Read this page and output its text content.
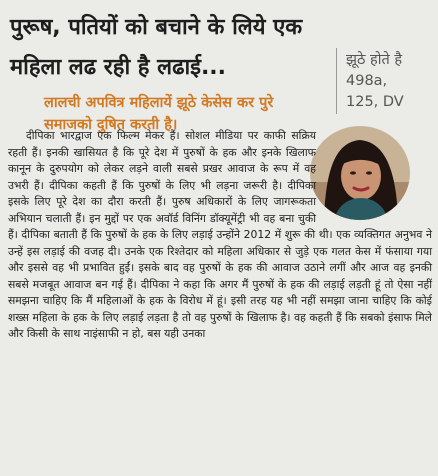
पुरूष, पतियों को बचाने के लिये एक महिला लढ रही है लढाई...	झूठे होते है
498a,
125, DV
लालची अपवित्र महिलायें झूठे केसेस कर पुरे समाजको दुषित करती है।

दीपिका भारद्वाज एक फिल्म मेकर हैं। सोशल मीडिया पर काफी सक्रिय रहती हैं। इनकी खासियत है कि पूरे देश में पुरुषों के हक और इनके खिलाफ कानून के दुरुपयोग को लेकर लड़ने वाली सबसे प्रखर आवाज के रूप में वह उभरी हैं। दीपिका कहती हैं कि पुरुषों के लिए भी लड़ना जरूरी है। दीपिका इसके लिए पूरे देश का दौरा करती हैं। पुरुष अधिकारों के लिए जागरूकता अभियान चलाती हैं। इन मुद्दों पर एक अवॉर्ड विनिंग डॉक्यूमेंट्री भी वह बना चुकी हैं। दीपिका बताती हैं कि पुरुषों के हक के लिए लड़ाई उन्होंने 2012 में शुरू की थी। एक व्यक्तिगत अनुभव ने उन्हें इस लड़ाई की वजह दी। उनके एक रिश्तेदार को महिला अधिकार से जुड़े एक गलत केस में फंसाया गया और इससे वह भी प्रभावित हुईं। इसके बाद वह पुरुषों के हक की आवाज उठाने लगीं और आज वह इनकी सबसे मजबूत आवाज बन गई हैं। दीपिका ने कहा कि अगर मैं पुरुषों के हक की लड़ाई लड़ती हूं तो ऐसा नहीं समझना चाहिए कि मैं महिलाओं के हक के विरोध में हूं। इसी तरह यह भी नहीं समझा जाना चाहिए कि कोई शख्स महिला के हक के लिए लड़ाई लड़ता है तो वह पुरुषों के खिलाफ है। वह कहती हैं कि सबको इंसाफ मिले और किसी के साथ नाइंसाफी न हो, बस यही उनका
